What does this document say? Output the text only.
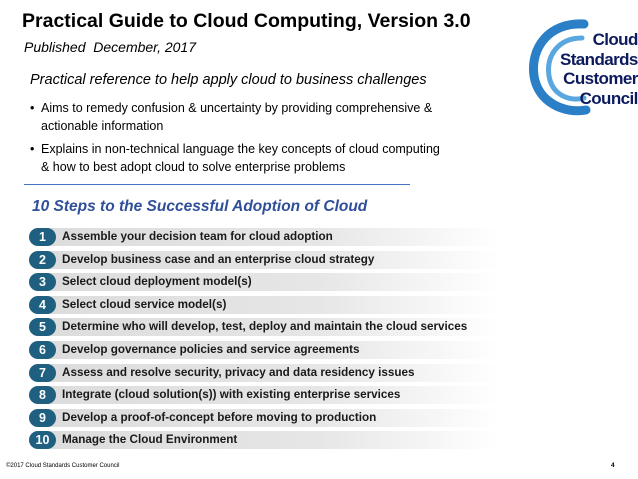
Practical Guide to Cloud Computing, Version 3.0
Published  December, 2017	Cloud
Standards
Customer
Council
Practical reference to help apply cloud to business challenges
• Aims to remedy confusion & uncertainty by providing comprehensive & actionable information
• Explains in non-technical language the key concepts of cloud computing & how to best adopt cloud to solve enterprise problems
10 Steps to the Successful Adoption of Cloud
1	Assemble your decision team for cloud adoption
2	Develop business case and an enterprise cloud strategy
3	Select cloud deployment model(s)
4	Select cloud service model(s)
5	Determine who will develop, test, deploy and maintain the cloud services
6	Develop governance policies and service agreements
7	Assess and resolve security, privacy and data residency issues
8	Integrate (cloud solution(s)) with existing enterprise services
9	Develop a proof-of-concept before moving to production
10	Manage the Cloud Environment
©2017 Cloud Standards Customer Council	4
